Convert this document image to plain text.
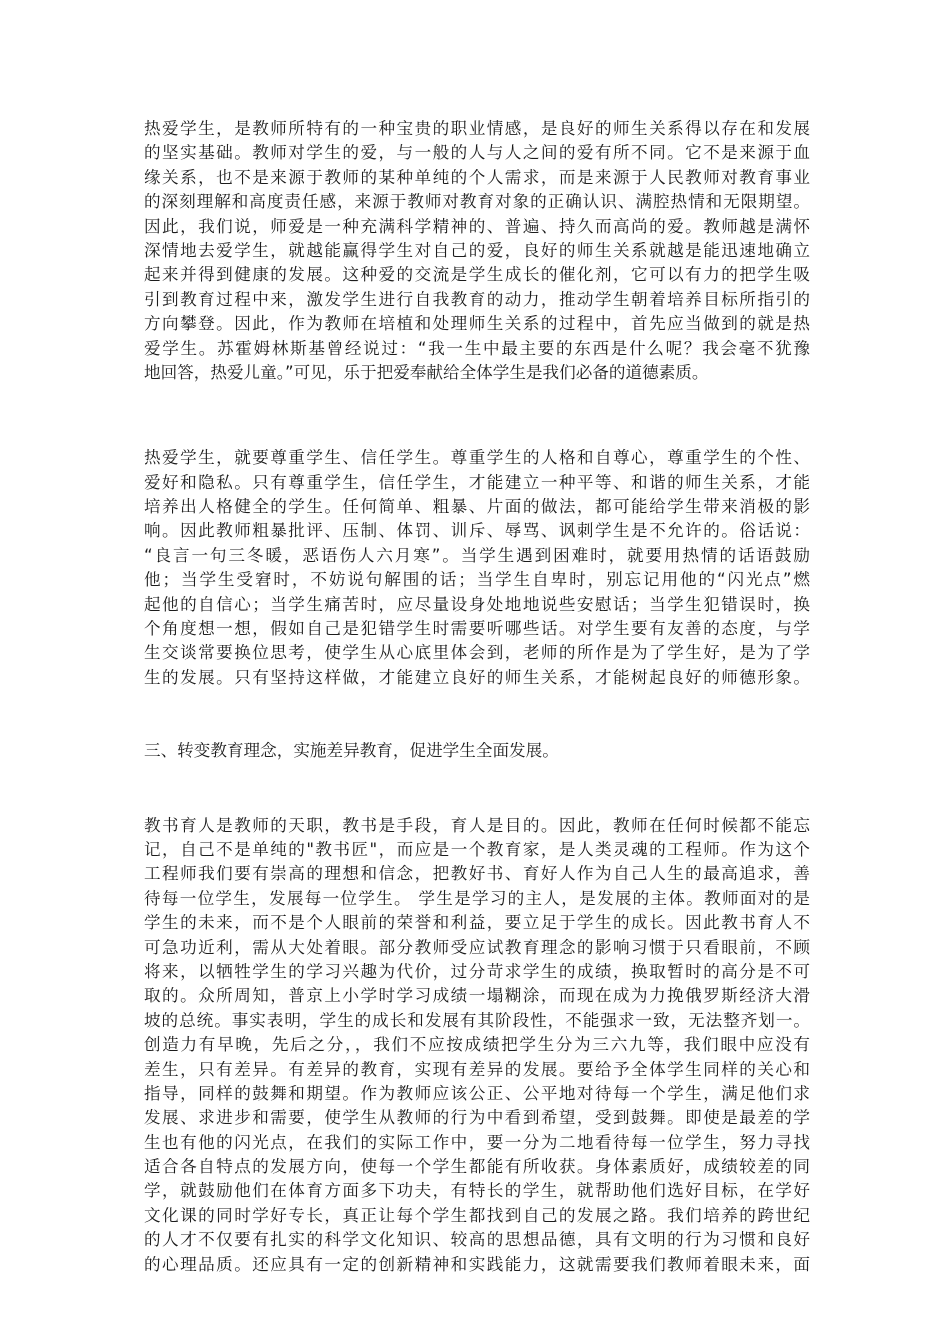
热爱学生，是教师所特有的一种宝贵的职业情感，是良好的师生关系得以存在和发展
的坚实基础。教师对学生的爱，与一般的人与人之间的爱有所不同。它不是来源于血
缘关系，也不是来源于教师的某种单纯的个人需求，而是来源于人民教师对教育事业
的深刻理解和高度责任感，来源于教师对教育对象的正确认识、满腔热情和无限期望。
因此，我们说，师爱是一种充满科学精神的、普遍、持久而高尚的爱。教师越是满怀
深情地去爱学生，就越能赢得学生对自己的爱，良好的师生关系就越是能迅速地确立
起来并得到健康的发展。这种爱的交流是学生成长的催化剂，它可以有力的把学生吸
引到教育过程中来，激发学生进行自我教育的动力，推动学生朝着培养目标所指引的
方向攀登。因此，作为教师在培植和处理师生关系的过程中，首先应当做到的就是热
爱学生。苏霍姆林斯基曾经说过：“我一生中最主要的东西是什么呢？我会毫不犹豫
地回答，热爱儿童。”可见，乐于把爱奉献给全体学生是我们必备的道德素质。
热爱学生，就要尊重学生、信任学生。尊重学生的人格和自尊心，尊重学生的个性、
爱好和隐私。只有尊重学生，信任学生，才能建立一种平等、和谐的师生关系，才能
培养出人格健全的学生。任何简单、粗暴、片面的做法，都可能给学生带来消极的影
响。因此教师粗暴批评、压制、体罚、训斥、辱骂、讽刺学生是不允许的。俗话说：
“良言一句三冬暖，恶语伤人六月寒”。当学生遇到困难时，就要用热情的话语鼓励
他；当学生受窘时，不妨说句解围的话；当学生自卑时，别忘记用他的“闪光点”燃
起他的自信心；当学生痛苦时，应尽量设身处地地说些安慰话；当学生犯错误时，换
个角度想一想，假如自己是犯错学生时需要听哪些话。对学生要有友善的态度，与学
生交谈常要换位思考，使学生从心底里体会到，老师的所作是为了学生好，是为了学
生的发展。只有坚持这样做，才能建立良好的师生关系，才能树起良好的师德形象。
三、转变教育理念，实施差异教育，促进学生全面发展。
教书育人是教师的天职，教书是手段，育人是目的。因此，教师在任何时候都不能忘
记，自己不是单纯的"教书匠"，而应是一个教育家，是人类灵魂的工程师。作为这个
工程师我们要有崇高的理想和信念，把教好书、育好人作为自己人生的最高追求，善
待每一位学生，发展每一位学生。 学生是学习的主人，是发展的主体。教师面对的是
学生的未来，而不是个人眼前的荣誉和利益，要立足于学生的成长。因此教书育人不
可急功近利，需从大处着眼。部分教师受应试教育理念的影响习惯于只看眼前，不顾
将来，以牺牲学生的学习兴趣为代价，过分苛求学生的成绩，换取暂时的高分是不可
取的。众所周知，普京上小学时学习成绩一塌糊涂，而现在成为力挽俄罗斯经济大滑
坡的总统。事实表明，学生的成长和发展有其阶段性，不能强求一致，无法整齐划一。
创造力有早晚，先后之分，，我们不应按成绩把学生分为三六九等，我们眼中应没有
差生，只有差异。有差异的教育，实现有差异的发展。要给予全体学生同样的关心和
指导，同样的鼓舞和期望。作为教师应该公正、公平地对待每一个学生，满足他们求
发展、求进步和需要，使学生从教师的行为中看到希望，受到鼓舞。即使是最差的学
生也有他的闪光点，在我们的实际工作中，要一分为二地看待每一位学生，努力寻找
适合各自特点的发展方向，使每一个学生都能有所收获。身体素质好，成绩较差的同
学，就鼓励他们在体育方面多下功夫，有特长的学生，就帮助他们选好目标，在学好
文化课的同时学好专长，真正让每个学生都找到自己的发展之路。我们培养的跨世纪
的人才不仅要有扎实的科学文化知识、较高的思想品德，具有文明的行为习惯和良好
的心理品质。还应具有一定的创新精神和实践能力，这就需要我们教师着眼未来，面
